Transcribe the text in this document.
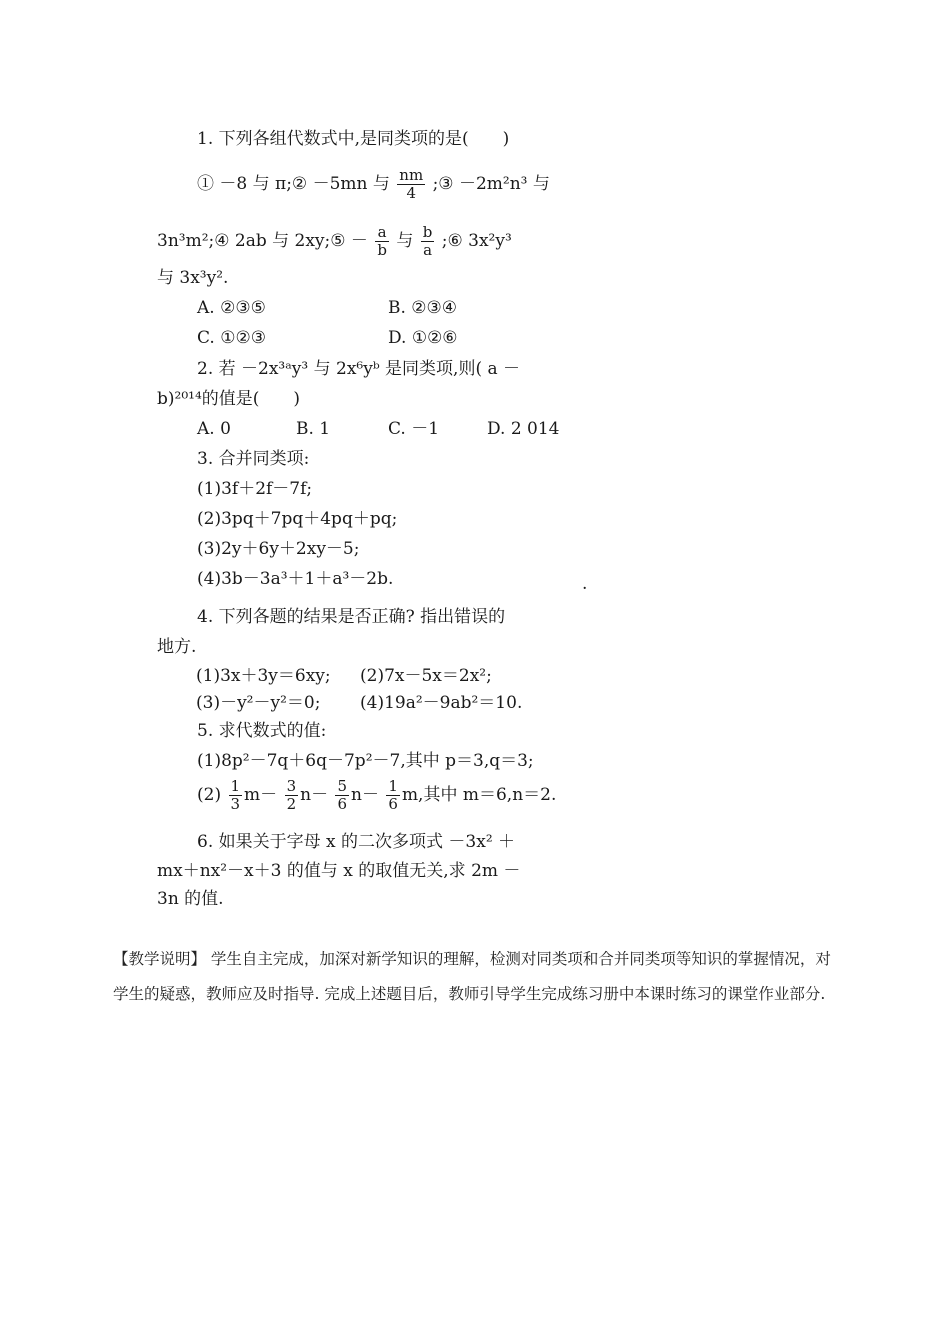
1. 下列各组代数式中,是同类项的是(　　)
① －8 与 π;② －5mn 与 $\frac{nm}{4}$ ;③ －2m²n³ 与
3n³m²;④ 2ab 与 2xy;⑤ － $\frac{a}{b}$ 与 $\frac{b}{a}$ ;⑥ 3x²y³
与 3x³y².
A. ②③⑤	B. ②③④
C. ①②③	D. ①②⑥
2. 若 －2x³ᵃy³ 与 2x⁶yᵇ 是同类项,则( a －
b)²⁰¹⁴的值是(　　)
A. 0	B. 1	C. －1	D. 2 014
3. 合并同类项:
(1)3f＋2f－7f;
(2)3pq＋7pq＋4pq＋pq;
(3)2y＋6y＋2xy－5;
(4)3b－3a³＋1＋a³－2b.	.
4. 下列各题的结果是否正确? 指出错误的
地方.
(1)3x＋3y＝6xy; (2)7x－5x＝2x²;
(3)－y²－y²＝0; (4)19a²－9ab²＝10.
5. 求代数式的值:
(1)8p²－7q＋6q－7p²－7,其中 p＝3,q＝3;
$(2) \frac{1}{3} m- \frac{3}{2} n- \frac{5}{6} n- \frac{1}{6} m$,其中 m＝6,n＝2.
6. 如果关于字母 x 的二次多项式 －3x² ＋
mx＋nx²－x＋3 的值与 x 的取值无关,求 2m －
3n 的值.
【教学说明】 学生自主完成，加深对新学知识的理解，检测对同类项和合并同类项等知识的掌握情况，对学生的疑惑，教师应及时指导. 完成上述题目后，教师引导学生完成练习册中本课时练习的课堂作业部分.
